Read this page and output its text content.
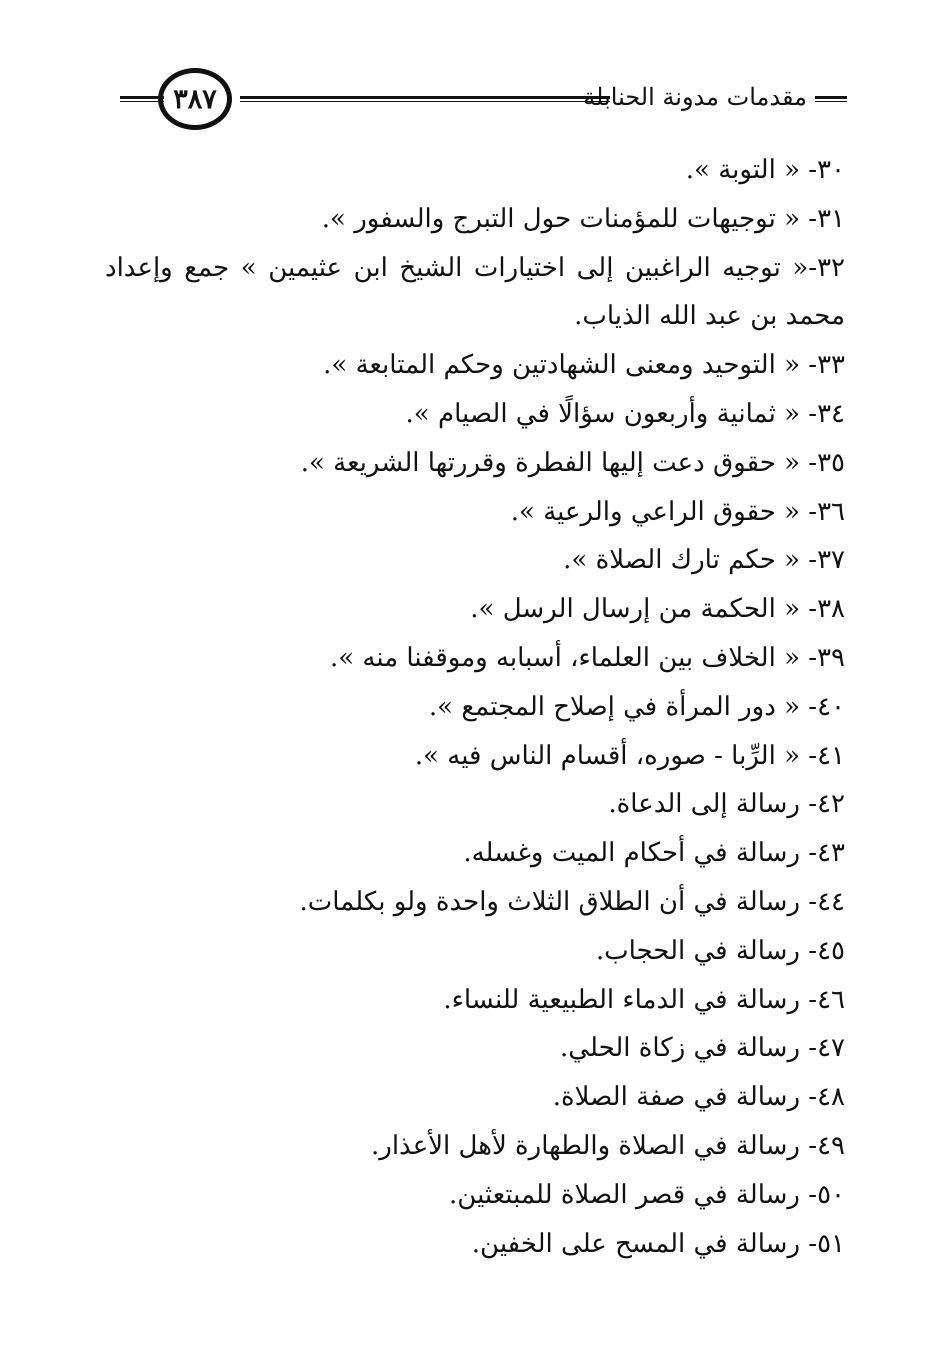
مقدمات مدونة الحنابلة
٣٨٧
٣٠- « التوبة ».
٣١- « توجيهات للمؤمنات حول التبرج والسفور ».
٣٢-« توجيه الراغبين إلى اختيارات الشيخ ابن عثيمين » جمع وإعداد محمد بن عبد الله الذياب.
٣٣- « التوحيد ومعنى الشهادتين وحكم المتابعة ».
٣٤- « ثمانية وأربعون سؤالًا في الصيام ».
٣٥- « حقوق دعت إليها الفطرة وقررتها الشريعة ».
٣٦- « حقوق الراعي والرعية ».
٣٧- « حكم تارك الصلاة ».
٣٨- « الحكمة من إرسال الرسل ».
٣٩- « الخلاف بين العلماء، أسبابه وموقفنا منه ».
٤٠- « دور المرأة في إصلاح المجتمع ».
٤١- « الرِّبا - صوره، أقسام الناس فيه ».
٤٢- رسالة إلى الدعاة.
٤٣- رسالة في أحكام الميت وغسله.
٤٤- رسالة في أن الطلاق الثلاث واحدة ولو بكلمات.
٤٥- رسالة في الحجاب.
٤٦- رسالة في الدماء الطبيعية للنساء.
٤٧- رسالة في زكاة الحلي.
٤٨- رسالة في صفة الصلاة.
٤٩- رسالة في الصلاة والطهارة لأهل الأعذار.
٥٠- رسالة في قصر الصلاة للمبتعثين.
٥١- رسالة في المسح على الخفين.
